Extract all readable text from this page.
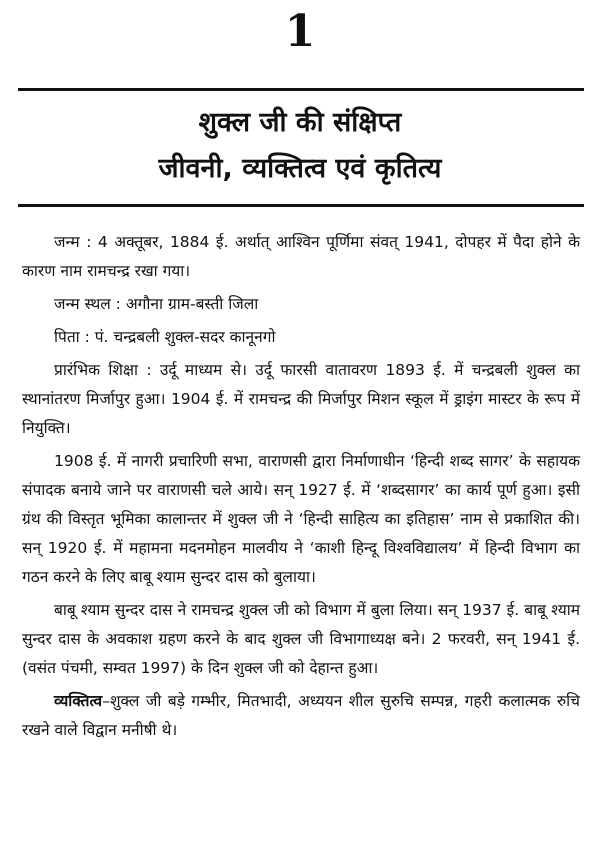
1
शुक्ल जी की संक्षिप्त
जीवनी, व्यक्तित्व एवं कृतित्य

जन्म : 4 अक्तूबर, 1884 ई. अर्थात् आश्विन पूर्णिमा संवत् 1941, दोपहर में पैदा होने के कारण नाम रामचन्द्र रखा गया।

जन्म स्थल : अगौना ग्राम-बस्ती जिला

पिता : पं. चन्द्रबली शुक्ल-सदर कानूनगो

प्रारंभिक शिक्षा : उर्दू माध्यम से। उर्दू फारसी वातावरण 1893 ई. में चन्द्रबली शुक्ल का स्थानांतरण मिर्जापुर हुआ। 1904 ई. में रामचन्द्र की मिर्जापुर मिशन स्कूल में ड्राइंग मास्टर के रूप में नियुक्ति।

1908 ई. में नागरी प्रचारिणी सभा, वाराणसी द्वारा निर्माणाधीन ‘हिन्दी शब्द सागर’ के सहायक संपादक बनाये जाने पर वाराणसी चले आये। सन् 1927 ई. में ‘शब्दसागर’ का कार्य पूर्ण हुआ। इसी ग्रंथ की विस्तृत भूमिका कालान्तर में शुक्ल जी ने ‘हिन्दी साहित्य का इतिहास’ नाम से प्रकाशित की। सन् 1920 ई. में महामना मदनमोहन मालवीय ने ‘काशी हिन्दू विश्वविद्यालय’ में हिन्दी विभाग का गठन करने के लिए बाबू श्याम सुन्दर दास को बुलाया।

बाबू श्याम सुन्दर दास ने रामचन्द्र शुक्ल जी को विभाग में बुला लिया। सन् 1937 ई. बाबू श्याम सुन्दर दास के अवकाश ग्रहण करने के बाद शुक्ल जी विभागाध्यक्ष बने। 2 फरवरी, सन् 1941 ई. (वसंत पंचमी, सम्वत 1997) के दिन शुक्ल जी को देहान्त हुआ।

व्यक्तित्व–शुक्ल जी बड़े गम्भीर, मितभादी, अध्ययन शील सुरुचि सम्पन्न, गहरी कलात्मक रुचि रखने वाले विद्वान मनीषी थे।
